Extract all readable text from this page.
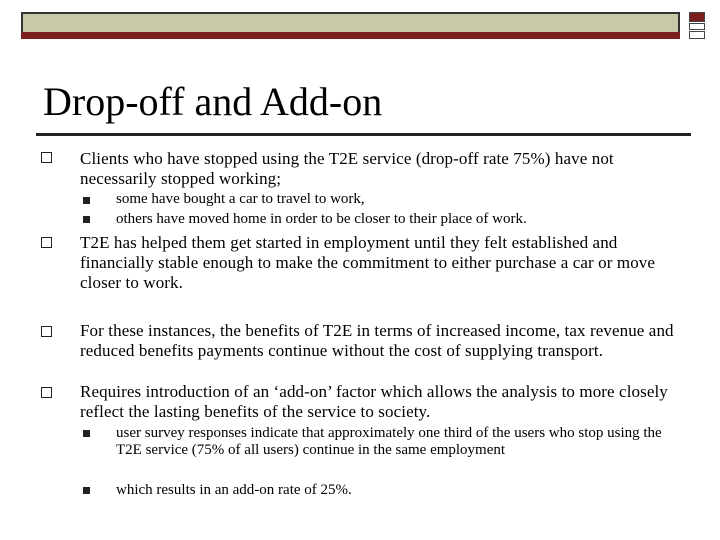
Drop-off and Add-on
Clients who have stopped using the T2E service (drop-off rate 75%) have not necessarily stopped working;
some have bought a car to travel to work,
others have moved home in order to be closer to their place of work.
T2E has helped them get started in employment until they felt established and financially stable enough to make the commitment to either purchase a car or move closer to work.
For these instances, the benefits of T2E in terms of increased income, tax revenue and reduced benefits payments continue without the cost of supplying transport.
Requires introduction of an ‘add-on’ factor which allows the analysis to more closely reflect the lasting benefits of the service to society.
user survey responses indicate that approximately one third of the users who stop using the T2E service (75% of all users) continue in the same employment
which results in an add-on rate of 25%.
